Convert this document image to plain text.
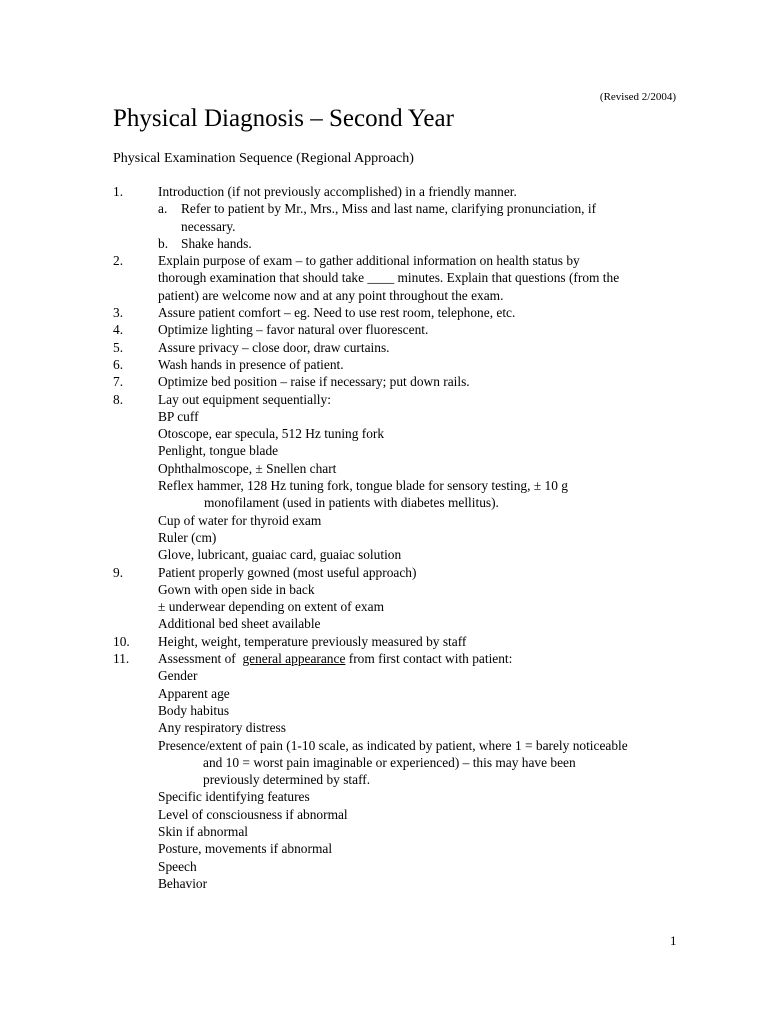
(Revised 2/2004)
Physical Diagnosis – Second Year
Physical Examination Sequence (Regional Approach)
1.	Introduction (if not previously accomplished) in a friendly manner.
a. Refer to patient by Mr., Mrs., Miss and last name, clarifying pronunciation, if
necessary.
b. Shake hands.
2.	Explain purpose of exam – to gather additional information on health status by
thorough examination that should take ____ minutes. Explain that questions (from the
patient) are welcome now and at any point throughout the exam.
3.	Assure patient comfort – eg. Need to use rest room, telephone, etc.
4.	Optimize lighting – favor natural over fluorescent.
5.	Assure privacy – close door, draw curtains.
6.	Wash hands in presence of patient.
7.	Optimize bed position – raise if necessary; put down rails.
8.	Lay out equipment sequentially:
BP cuff
Otoscope, ear specula, 512 Hz tuning fork
Penlight, tongue blade
Ophthalmoscope, ± Snellen chart
Reflex hammer, 128 Hz tuning fork, tongue blade for sensory testing, ± 10 g
monofilament (used in patients with diabetes mellitus).
Cup of water for thyroid exam
Ruler (cm)
Glove, lubricant, guaiac card, guaiac solution
9.	Patient properly gowned (most useful approach)
Gown with open side in back
± underwear depending on extent of exam
Additional bed sheet available
10. Height, weight, temperature previously measured by staff
11. Assessment of  general appearance from first contact with patient:
Gender
Apparent age
Body habitus
Any respiratory distress
Presence/extent of pain (1-10 scale, as indicated by patient, where 1 = barely noticeable
and 10 = worst pain imaginable or experienced) – this may have been
previously determined by staff.
Specific identifying features
Level of consciousness if abnormal
Skin if abnormal
Posture, movements if abnormal
Speech
Behavior
1
